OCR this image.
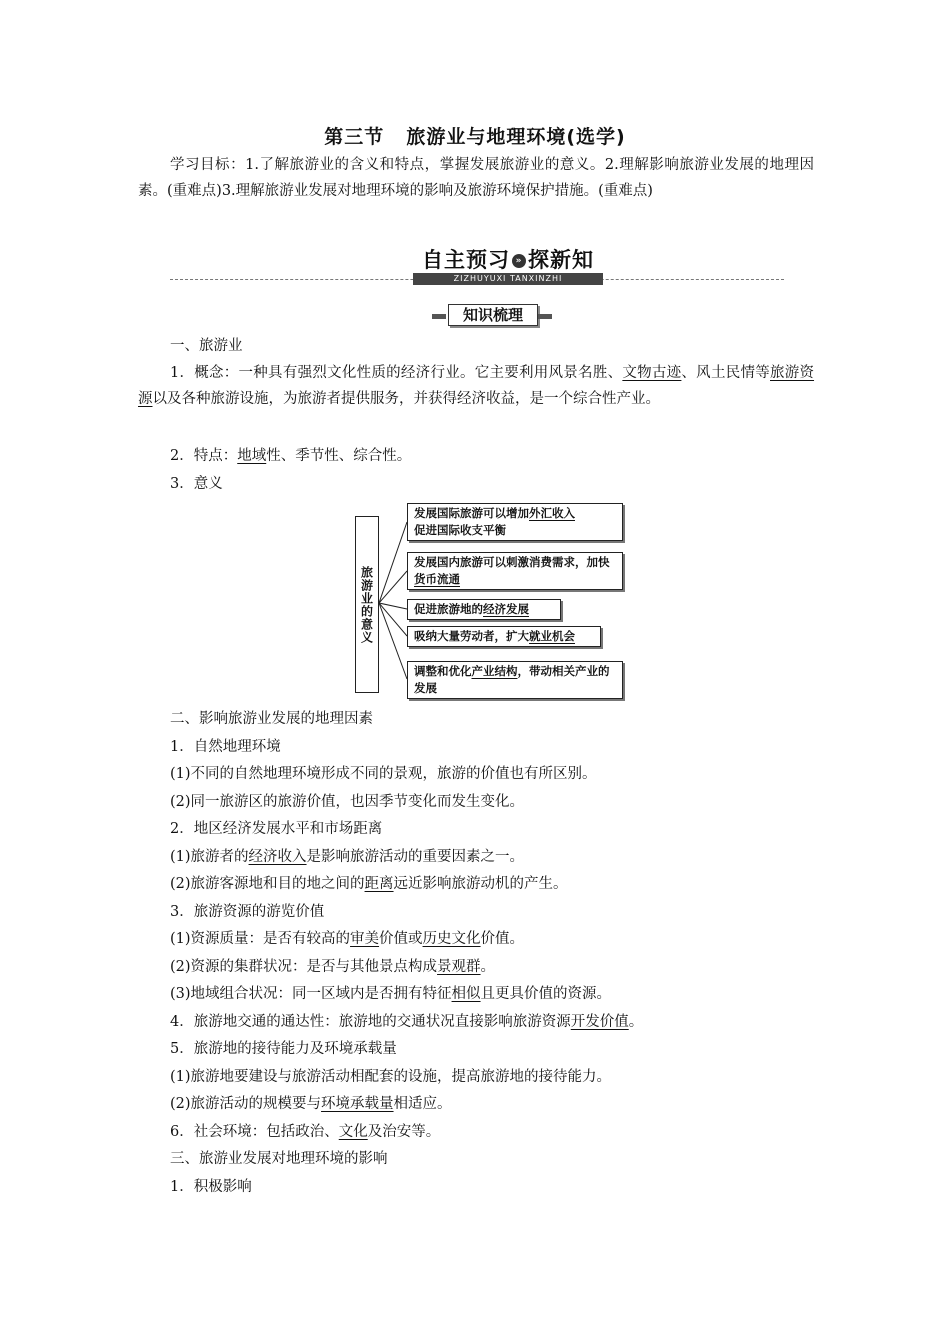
第三节 旅游业与地理环境(选学)
学习目标：1.了解旅游业的含义和特点，掌握发展旅游业的意义。2.理解影响旅游业发展的地理因素。(重难点)3.理解旅游业发展对地理环境的影响及旅游环境保护措施。(重难点)
自主预习 » 探新知
ZIZHUYUXI TANXINZHI
知识梳理
一、旅游业
1．概念：一种具有强烈文化性质的经济行业。它主要利用风景名胜、文物古迹、风土民情等旅游资源以及各种旅游设施，为旅游者提供服务，并获得经济收益，是一个综合性产业。
2．特点：地域性、季节性、综合性。
3．意义
旅游业的意义
发展国际旅游可以增加外汇收入
促进国际收支平衡
发展国内旅游可以刺激消费需求，加快货币流通
促进旅游地的经济发展
吸纳大量劳动者，扩大就业机会
调整和优化产业结构，带动相关产业的发展
二、影响旅游业发展的地理因素
1．自然地理环境
(1)不同的自然地理环境形成不同的景观，旅游的价值也有所区别。
(2)同一旅游区的旅游价值，也因季节变化而发生变化。
2．地区经济发展水平和市场距离
(1)旅游者的经济收入是影响旅游活动的重要因素之一。
(2)旅游客源地和目的地之间的距离远近影响旅游动机的产生。
3．旅游资源的游览价值
(1)资源质量：是否有较高的审美价值或历史文化价值。
(2)资源的集群状况：是否与其他景点构成景观群。
(3)地域组合状况：同一区域内是否拥有特征相似且更具价值的资源。
4．旅游地交通的通达性：旅游地的交通状况直接影响旅游资源开发价值。
5．旅游地的接待能力及环境承载量
(1)旅游地要建设与旅游活动相配套的设施，提高旅游地的接待能力。
(2)旅游活动的规模要与环境承载量相适应。
6．社会环境：包括政治、文化及治安等。
三、旅游业发展对地理环境的影响
1．积极影响
